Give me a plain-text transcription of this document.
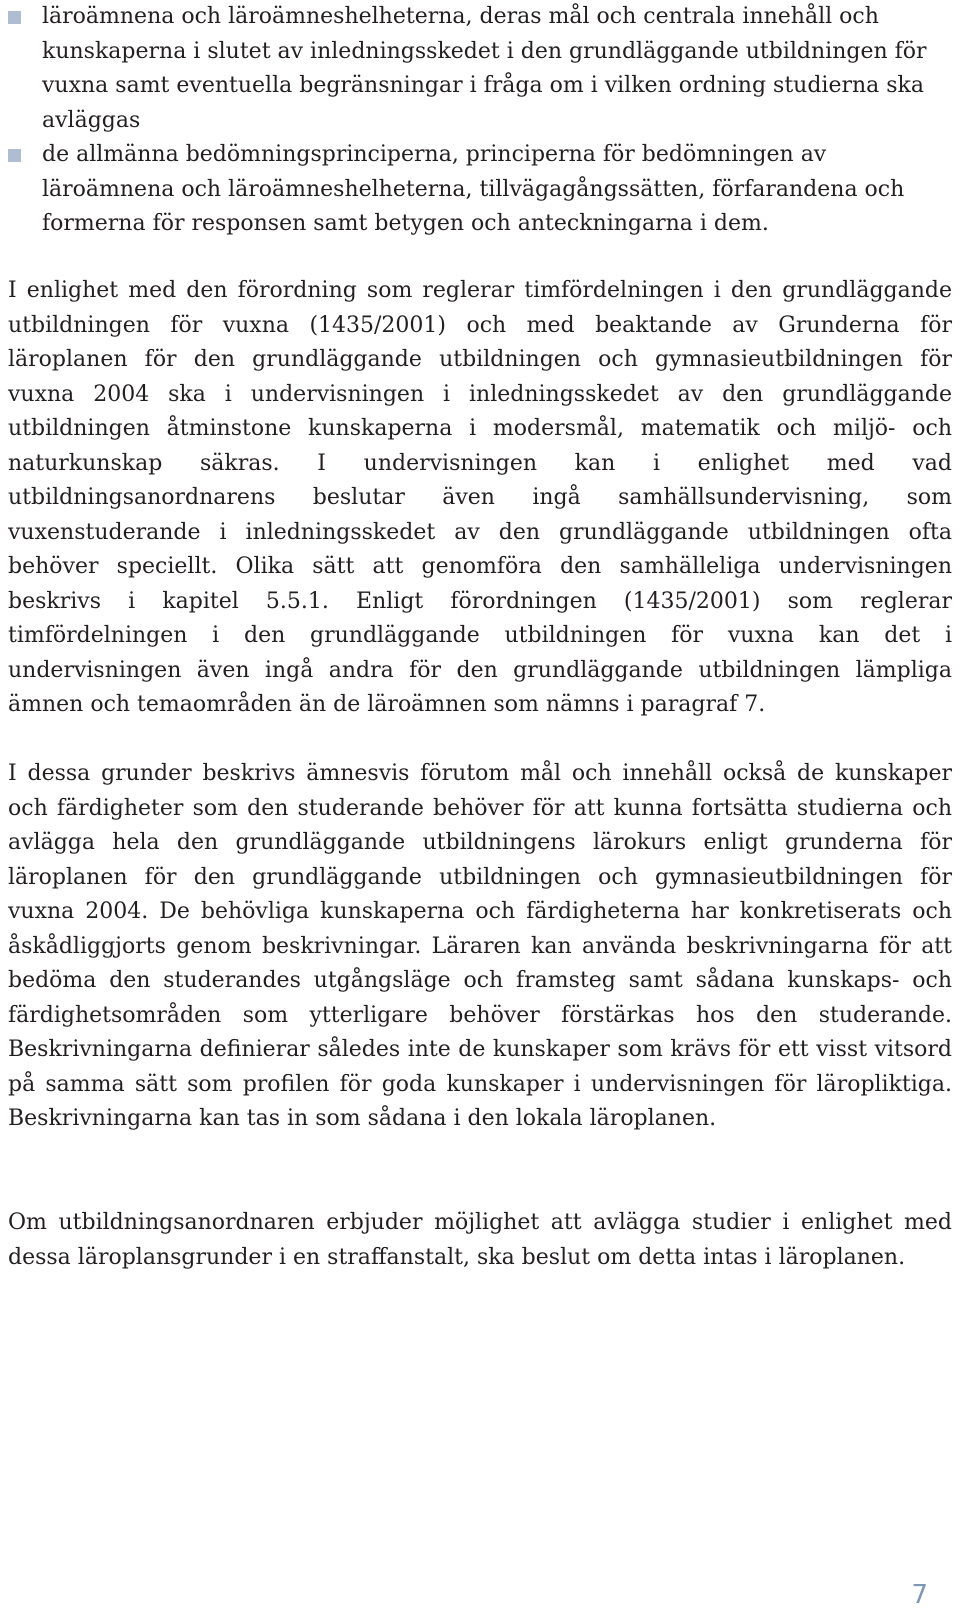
läroämnena och läroämneshelheterna, deras mål och centrala innehåll och kunskaperna i slutet av inledningsskedet i den grundläggande utbildningen för vuxna samt eventuella begränsningar i fråga om i vilken ordning studierna ska avläggas
de allmänna bedömningsprinciperna, principerna för bedömningen av läroämnena och läroämneshelheterna, tillvägagångssätten, förfarandena och formerna för responsen samt betygen och anteckningarna i dem.

I enlighet med den förordning som reglerar timfördelningen i den grundläggande utbildningen för vuxna (1435/2001) och med beaktande av Grunderna för läroplanen för den grundläggande utbildningen och gymnasieutbildningen för vuxna 2004 ska i undervisningen i inledningsskedet av den grundläggande utbildningen åtminstone kunskaperna i modersmål, matematik och miljö- och naturkunskap säkras. I undervisningen kan i enlighet med vad utbildningsanordnarens beslutar även ingå samhällsundervisning, som vuxenstuderande i inledningsskedet av den grundläggande utbildningen ofta behöver speciellt. Olika sätt att genomföra den samhälleliga undervisningen beskrivs i kapitel 5.5.1. Enligt förordningen (1435/2001) som reglerar timfördelningen i den grundläggande utbildningen för vuxna kan det i undervisningen även ingå andra för den grundläggande utbildningen lämpliga ämnen och temaområden än de läroämnen som nämns i paragraf 7.

I dessa grunder beskrivs ämnesvis förutom mål och innehåll också de kunskaper och färdigheter som den studerande behöver för att kunna fortsätta studierna och avlägga hela den grundläggande utbildningens lärokurs enligt grunderna för läroplanen för den grundläggande utbildningen och gymnasieutbildningen för vuxna 2004. De behövliga kunskaperna och färdigheterna har konkretiserats och åskådliggjorts genom beskrivningar. Läraren kan använda beskrivningarna för att bedöma den studerandes utgångsläge och framsteg samt sådana kunskaps- och färdighetsområden som ytterligare behöver förstärkas hos den studerande. Beskrivningarna definierar således inte de kunskaper som krävs för ett visst vitsord på samma sätt som profilen för goda kunskaper i undervisningen för läropliktiga. Beskrivningarna kan tas in som sådana i den lokala läroplanen.

Om utbildningsanordnaren erbjuder möjlighet att avlägga studier i enlighet med dessa läroplansgrunder i en straffanstalt, ska beslut om detta intas i läroplanen.

7
